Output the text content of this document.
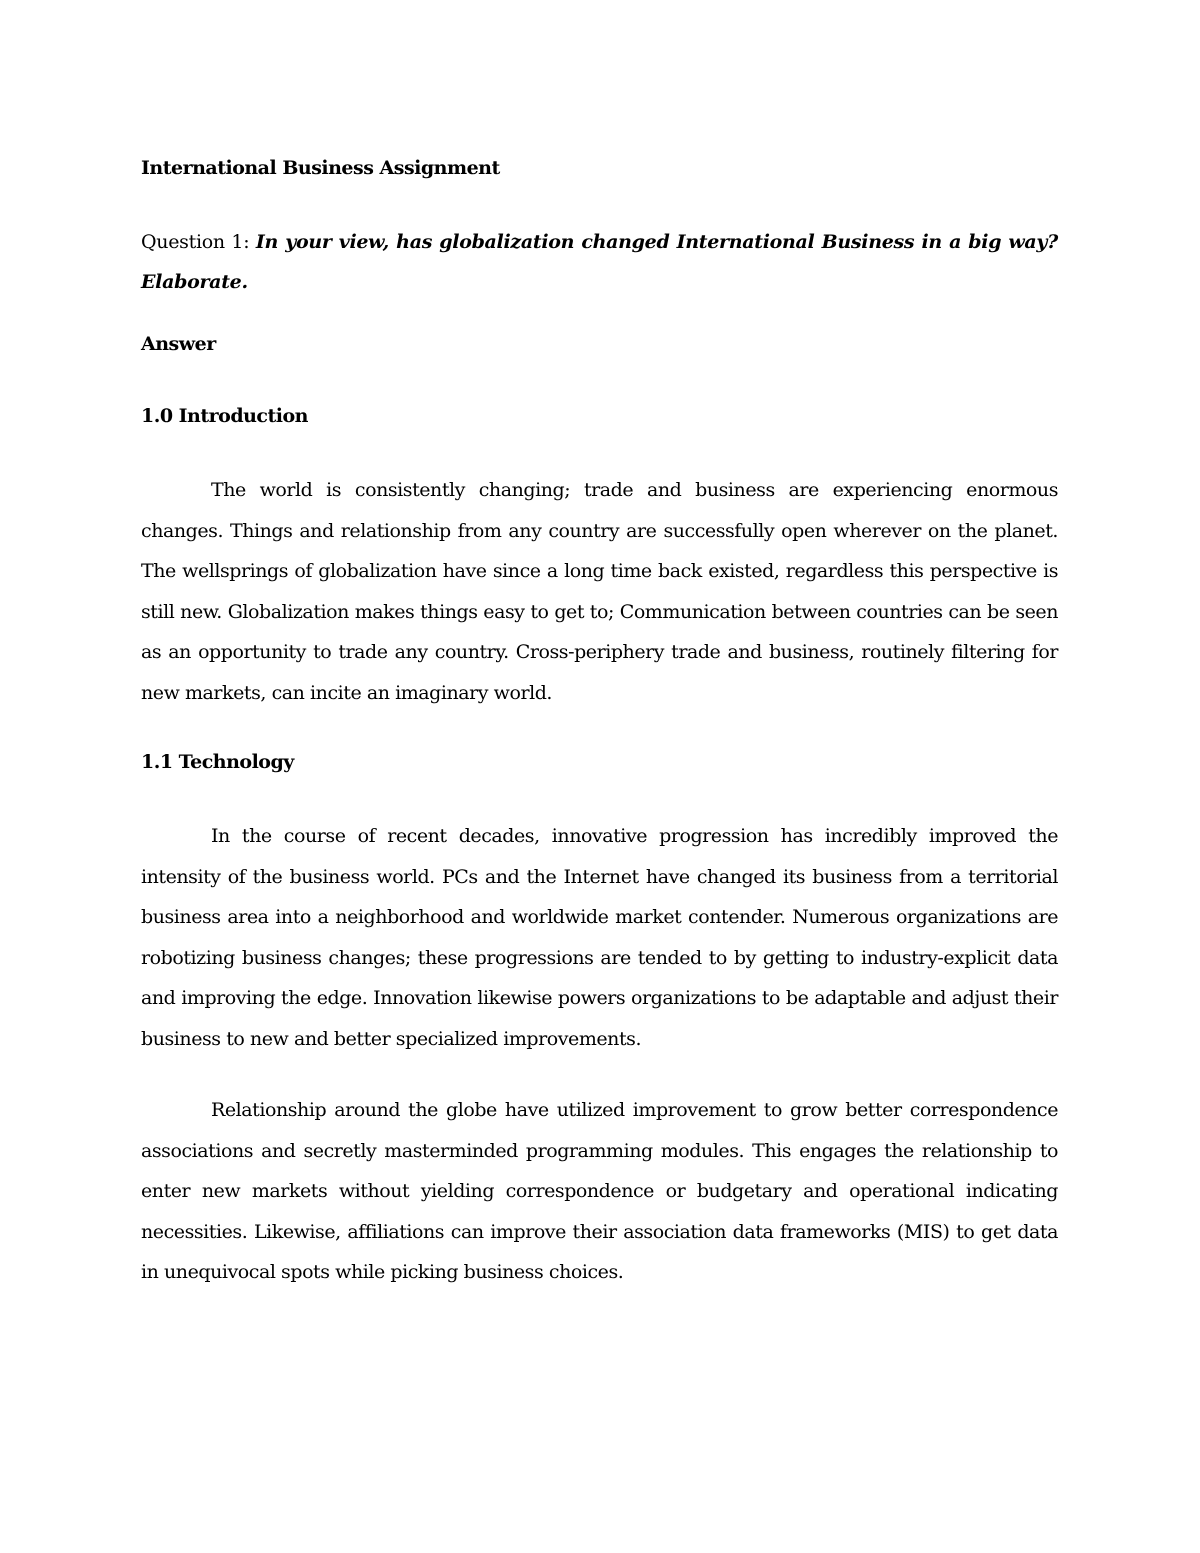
International Business Assignment
Question 1: In your view, has globalization changed International Business in a big way? Elaborate.
Answer
1.0 Introduction

The world is consistently changing; trade and business are experiencing enormous changes. Things and relationship from any country are successfully open wherever on the planet. The wellsprings of globalization have since a long time back existed, regardless this perspective is still new. Globalization makes things easy to get to; Communication between countries can be seen as an opportunity to trade any country. Cross-periphery trade and business, routinely filtering for new markets, can incite an imaginary world.

1.1 Technology

In the course of recent decades, innovative progression has incredibly improved the intensity of the business world. PCs and the Internet have changed its business from a territorial business area into a neighborhood and worldwide market contender. Numerous organizations are robotizing business changes; these progressions are tended to by getting to industry-explicit data and improving the edge. Innovation likewise powers organizations to be adaptable and adjust their business to new and better specialized improvements.

Relationship around the globe have utilized improvement to grow better correspondence associations and secretly masterminded programming modules. This engages the relationship to enter new markets without yielding correspondence or budgetary and operational indicating necessities. Likewise, affiliations can improve their association data frameworks (MIS) to get data in unequivocal spots while picking business choices.
